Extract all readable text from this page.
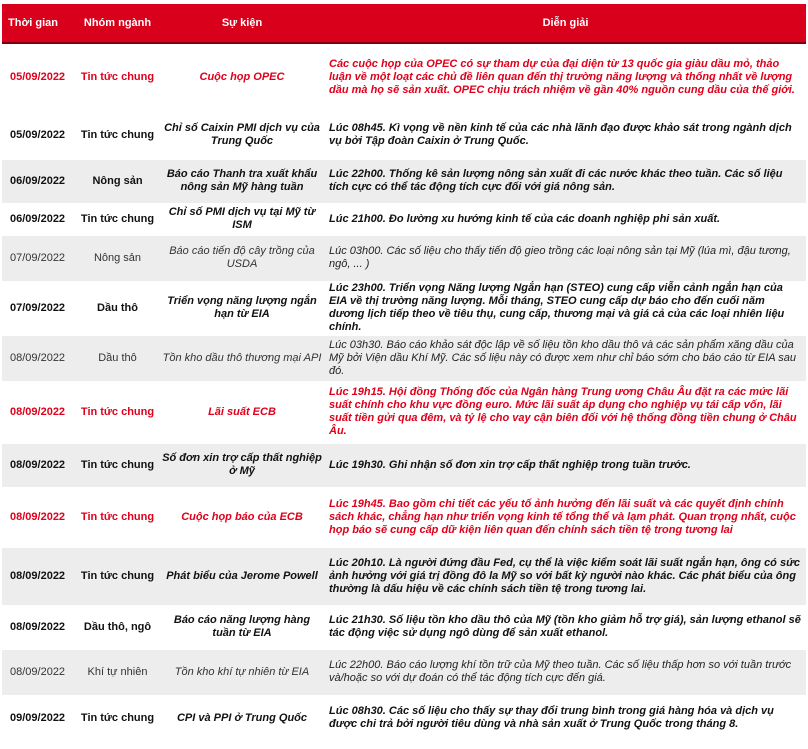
Thời gian	Nhóm ngành	Sự kiện	Diễn giải
05/09/2022	Tin tức chung	Cuộc họp OPEC	Các cuộc họp của OPEC có sự tham dự của đại diện từ 13 quốc gia giàu dầu mỏ, thảo luận về một loạt các chủ đề liên quan đến thị trường năng lượng và thống nhất về lượng dầu mà họ sẽ sản xuất. OPEC chịu trách nhiệm về gần 40% nguồn cung dầu của thế giới.
05/09/2022	Tin tức chung	Chỉ số Caixin PMI dịch vụ của Trung Quốc	Lúc 08h45. Kì vọng về nền kinh tế của các nhà lãnh đạo được khảo sát trong ngành dịch vụ bởi Tập đoàn Caixin ở Trung Quốc.
06/09/2022	Nông sản	Báo cáo Thanh tra xuất khẩu nông sản Mỹ hàng tuần	Lúc 22h00. Thống kê sản lượng nông sản xuất đi các nước khác theo tuần. Các số liệu tích cực có thể tác động tích cực đối với giá nông sản.
06/09/2022	Tin tức chung	Chỉ số PMI dịch vụ tại Mỹ từ ISM	Lúc 21h00. Đo lường xu hướng kinh tế của các doanh nghiệp phi sản xuất.
07/09/2022	Nông sản	Báo cáo tiến độ cây trồng của USDA	Lúc 03h00. Các số liệu cho thấy tiến độ gieo trồng các loại nông sản tại Mỹ (lúa mì, đậu tương, ngô, ... )
07/09/2022	Dầu thô	Triển vọng năng lượng ngắn hạn từ EIA	Lúc 23h00. Triển vọng Năng lượng Ngắn hạn (STEO) cung cấp viễn cảnh ngắn hạn của EIA về thị trường năng lượng. Mỗi tháng, STEO cung cấp dự báo cho đến cuối năm dương lịch tiếp theo về tiêu thụ, cung cấp, thương mại và giá cả của các loại nhiên liệu chính.
08/09/2022	Dầu thô	Tồn kho dầu thô thương mại API	Lúc 03h30. Báo cáo khảo sát độc lập về số liệu tồn kho dầu thô và các sản phẩm xăng dầu của Mỹ bởi Viện dầu Khí Mỹ. Các số liệu này có được xem như chỉ báo sớm cho báo cáo từ EIA sau đó.
08/09/2022	Tin tức chung	Lãi suất ECB	Lúc 19h15. Hội đồng Thống đốc của Ngân hàng Trung ương Châu Âu đặt ra các mức lãi suất chính cho khu vực đồng euro. Mức lãi suất áp dụng cho nghiệp vụ tái cấp vốn, lãi suất tiền gửi qua đêm, và tỷ lệ cho vay cận biên đối với hệ thống đồng tiền chung ở Châu Âu.
08/09/2022	Tin tức chung	Số đơn xin trợ cấp thất nghiệp ở Mỹ	Lúc 19h30. Ghi nhận số đơn xin trợ cấp thất nghiệp trong tuần trước.
08/09/2022	Tin tức chung	Cuộc họp báo của ECB	Lúc 19h45. Bao gồm chi tiết các yếu tố ảnh hưởng đến lãi suất và các quyết định chính sách khác, chẳng hạn như triển vọng kinh tế tổng thể và lạm phát. Quan trọng nhất, cuộc họp báo sẽ cung cấp dữ kiện liên quan đến chính sách tiền tệ trong tương lai
08/09/2022	Tin tức chung	Phát biểu của Jerome Powell	Lúc 20h10. Là người đứng đầu Fed, cụ thể là việc kiểm soát lãi suất ngắn hạn, ông có sức ảnh hưởng với giá trị đồng đô la Mỹ so với bất kỳ người nào khác. Các phát biểu của ông thường là dấu hiệu về các chính sách tiền tệ trong tương lai.
08/09/2022	Dầu thô, ngô	Báo cáo năng lượng hàng tuần từ EIA	Lúc 21h30. Số liệu tồn kho dầu thô của Mỹ (tồn kho giảm hỗ trợ giá), sản lượng ethanol sẽ tác động việc sử dụng ngô dùng để sản xuất ethanol.
08/09/2022	Khí tự nhiên	Tồn kho khí tự nhiên từ EIA	Lúc 22h00. Báo cáo lượng khí tồn trữ của Mỹ theo tuần. Các số liệu thấp hơn so với tuần trước và/hoặc so với dự đoán có thể tác động tích cực đến giá.
09/09/2022	Tin tức chung	CPI và PPI ở Trung Quốc	Lúc 08h30. Các số liệu cho thấy sự thay đổi trung bình trong giá hàng hóa và dịch vụ được chi trả bởi người tiêu dùng và nhà sản xuất ở Trung Quốc trong tháng 8.
